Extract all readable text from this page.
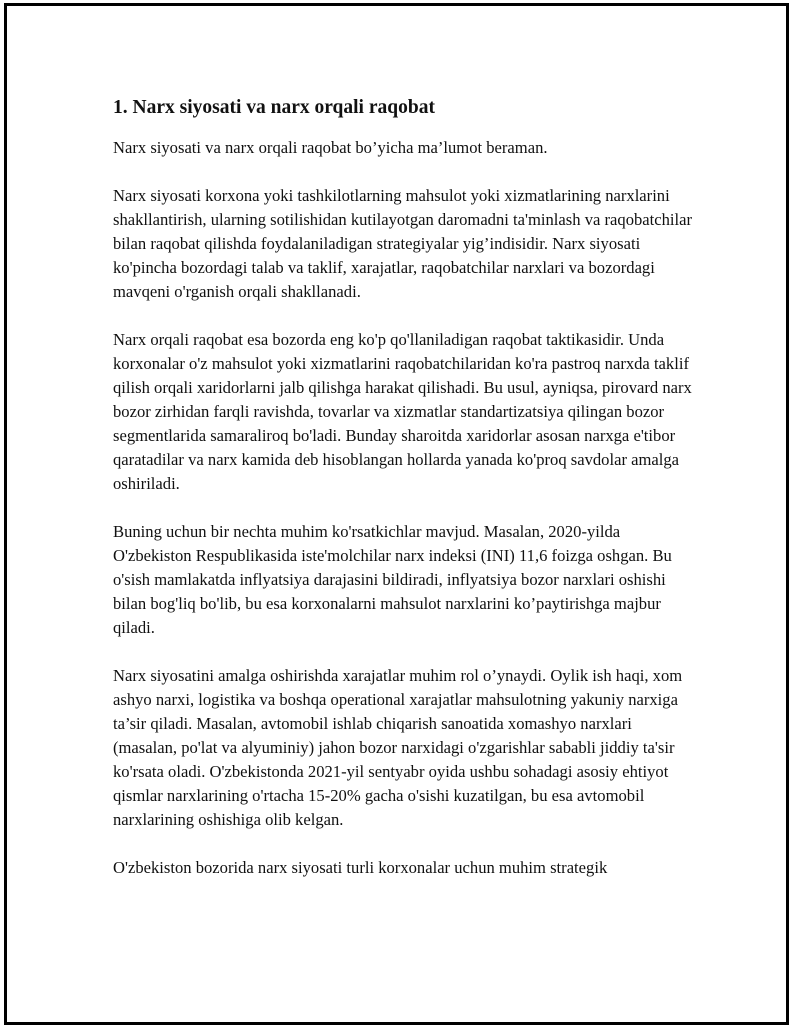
1. Narx siyosati va narx orqali raqobat

Narx siyosati va narx orqali raqobat bo’yicha ma’lumot beraman.

Narx siyosati korxona yoki tashkilotlarning mahsulot yoki xizmatlarining narxlarini shakllantirish, ularning sotilishidan kutilayotgan daromadni ta'minlash va raqobatchilar bilan raqobat qilishda foydalaniladigan strategiyalar yig’indisidir. Narx siyosati ko'pincha bozordagi talab va taklif, xarajatlar, raqobatchilar narxlari va bozordagi mavqeni o'rganish orqali shakllanadi.

Narx orqali raqobat esa bozorda eng ko'p qo'llaniladigan raqobat taktikasidir. Unda korxonalar o'z mahsulot yoki xizmatlarini raqobatchilaridan ko'ra pastroq narxda taklif qilish orqali xaridorlarni jalb qilishga harakat qilishadi. Bu usul, ayniqsa, pirovard narx bozor zirhidan farqli ravishda, tovarlar va xizmatlar standartizatsiya qilingan bozor segmentlarida samaraliroq bo'ladi. Bunday sharoitda xaridorlar asosan narxga e'tibor qaratadilar va narx kamida deb hisoblangan hollarda yanada ko'proq savdolar amalga oshiriladi.

Buning uchun bir nechta muhim ko'rsatkichlar mavjud. Masalan, 2020-yilda O'zbekiston Respublikasida iste'molchilar narx indeksi (INI) 11,6 foizga oshgan. Bu o'sish mamlakatda inflyatsiya darajasini bildiradi, inflyatsiya bozor narxlari oshishi bilan bog'liq bo'lib, bu esa korxonalarni mahsulot narxlarini ko’paytirishga majbur qiladi.

Narx siyosatini amalga oshirishda xarajatlar muhim rol o’ynaydi. Oylik ish haqi, xom ashyo narxi, logistika va boshqa operational xarajatlar mahsulotning yakuniy narxiga ta’sir qiladi. Masalan, avtomobil ishlab chiqarish sanoatida xomashyo narxlari (masalan, po'lat va alyuminiy) jahon bozor narxidagi o'zgarishlar sababli jiddiy ta'sir ko'rsata oladi. O'zbekistonda 2021-yil sentyabr oyida ushbu sohadagi asosiy ehtiyot qismlar narxlarining o'rtacha 15-20% gacha o'sishi kuzatilgan, bu esa avtomobil narxlarining oshishiga olib kelgan.

O'zbekiston bozorida narx siyosati turli korxonalar uchun muhim strategik
